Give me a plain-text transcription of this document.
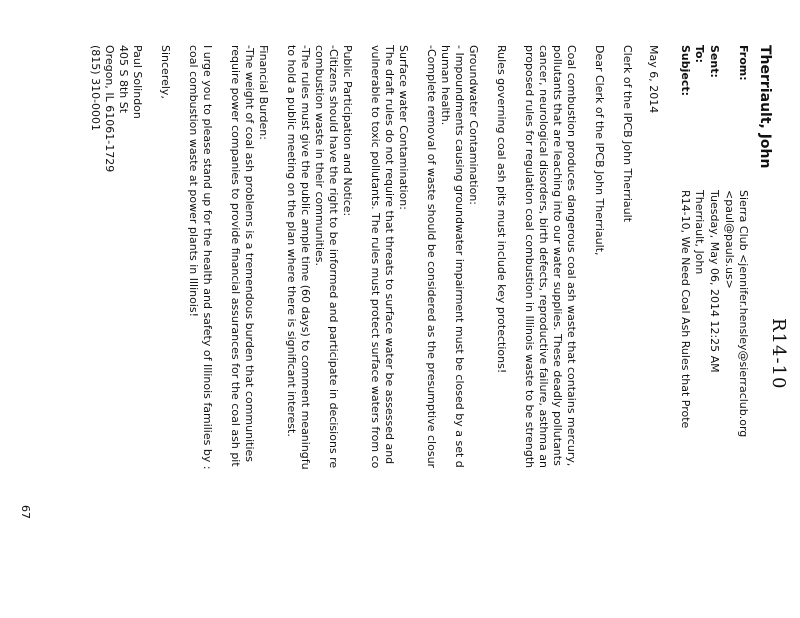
R14-10
Therriault, John
From:
Sierra Club <jennifer.hensley@sierraclub.org
<paul@pauls.us>
Sent:
Tuesday, May 06, 2014 12:25 AM
To:
Therriault, John
Subject:
R14-10, We Need Coal Ash Rules that Prote
May 6, 2014
Clerk of the IPCB John Therriault
Dear Clerk of the IPCB John Therriault,
Coal combustion produces dangerous coal ash waste that contains mercury,
pollutants that are leaching into our water supplies. These deadly pollutants
cancer, neurological disorders, birth defects, reproductive failure, asthma an
proposed rules for regulation coal combustion in Illinois waste to be strength
Rules governing coal ash pits must include key protections!
Groundwater Contamination:
- Impoundments causing groundwater impairment must be closed by a set d
human health.
-Complete removal of waste should be considered as the presumptive closur
Surface water Contamination:
The draft rules do not require that threats to surface water be assessed and
vulnerable to toxic pollutants. The rules must protect surface waters from co
Public Participation and Notice:
-Citizens should have the right to be informed and participate in decisions re
combustion waste in their communities.
-The rules must give the public ample time (60 days) to comment meaningfu
to hold a public meeting on the plan where there is significant interest.
Financial Burden:
-The weight of coal ash problems is a tremendous burden that communities
require power companies to provide financial assurances for the coal ash pit
I urge you to please stand up for the health and safety of Illinois families by :
coal combustion waste at power plants in Illinois!
Sincerely,
Paul Solindon
405 S 8th St
Oregon, IL 61061-1729
(815) 310-0001
67
